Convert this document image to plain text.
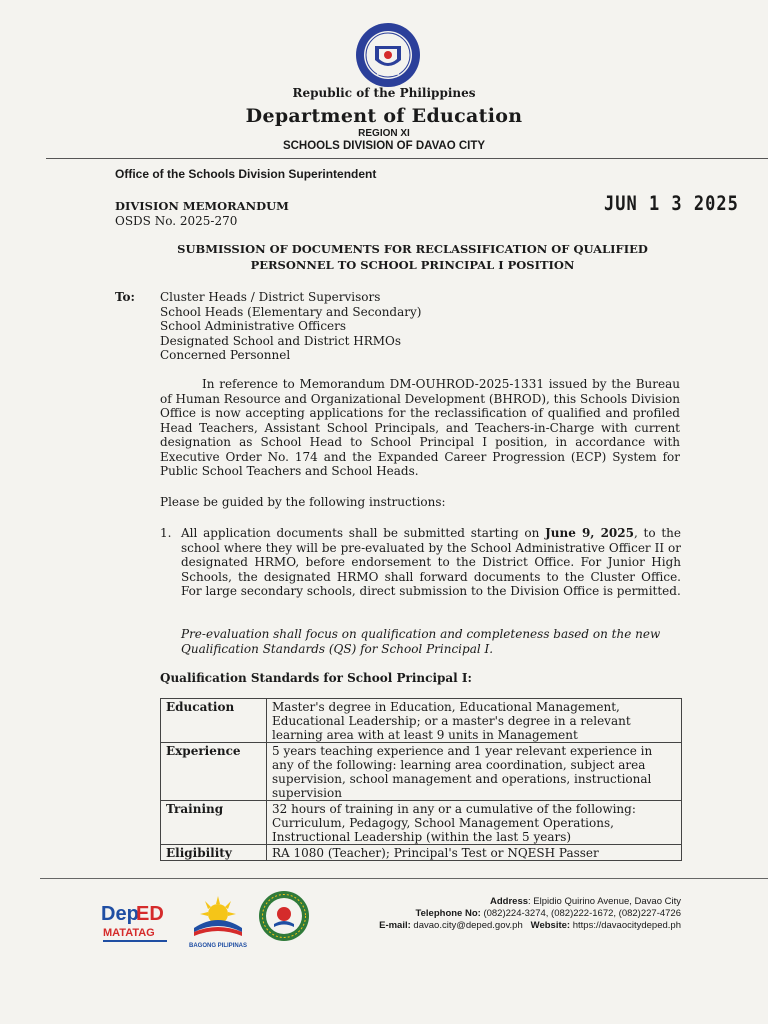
Republic of the Philippines
Department of Education
REGION XI
SCHOOLS DIVISION OF DAVAO CITY
Office of the Schools Division Superintendent
DIVISION MEMORANDUM
OSDS No. 2025-270
JUN 1 3 2025
SUBMISSION OF DOCUMENTS FOR RECLASSIFICATION OF QUALIFIED
PERSONNEL TO SCHOOL PRINCIPAL I POSITION
To: Cluster Heads / District Supervisors
School Heads (Elementary and Secondary)
School Administrative Officers
Designated School and District HRMOs
Concerned Personnel
In reference to Memorandum DM-OUHROD-2025-1331 issued by the Bureau of Human Resource and Organizational Development (BHROD), this Schools Division Office is now accepting applications for the reclassification of qualified and profiled Head Teachers, Assistant School Principals, and Teachers-in-Charge with current designation as School Head to School Principal I position, in accordance with Executive Order No. 174 and the Expanded Career Progression (ECP) System for Public School Teachers and School Heads.
Please be guided by the following instructions:
1. All application documents shall be submitted starting on June 9, 2025, to the school where they will be pre-evaluated by the School Administrative Officer II or designated HRMO, before endorsement to the District Office. For Junior High Schools, the designated HRMO shall forward documents to the Cluster Office. For large secondary schools, direct submission to the Division Office is permitted.
Pre-evaluation shall focus on qualification and completeness based on the new Qualification Standards (QS) for School Principal I.
Qualification Standards for School Principal I:
Education	Master's degree in Education, Educational Management, Educational Leadership; or a master's degree in a relevant learning area with at least 9 units in Management
Experience	5 years teaching experience and 1 year relevant experience in any of the following: learning area coordination, subject area supervision, school management and operations, instructional supervision
Training	32 hours of training in any or a cumulative of the following: Curriculum, Pedagogy, School Management Operations, Instructional Leadership (within the last 5 years)
Eligibility	RA 1080 (Teacher); Principal's Test or NQESH Passer
Dep
ED
MATATAG
BAGONG PILIPINAS
Address: Elpidio Quirino Avenue, Davao City
Telephone No: (082)224-3274, (082)222-1672, (082)227-4726
E-mail: davao.city@deped.gov.ph Website: https://davaocitydeped.ph
